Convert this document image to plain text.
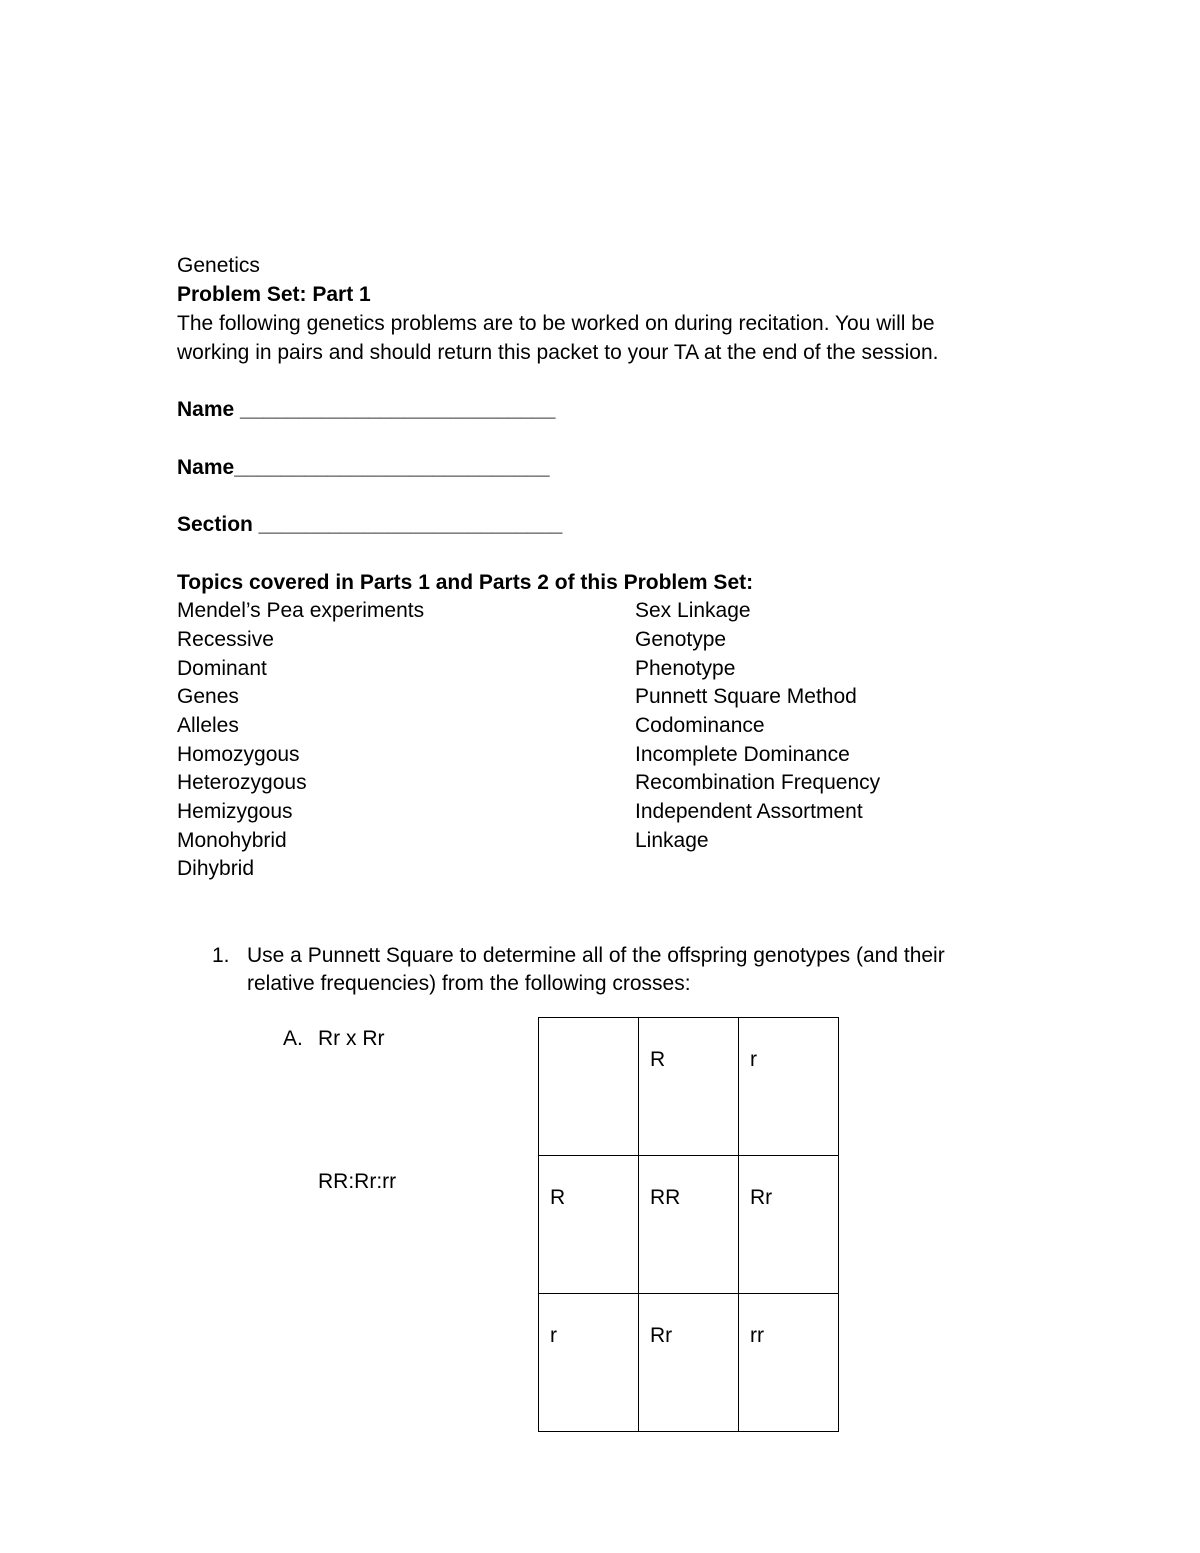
Genetics
Problem Set: Part 1
The following genetics problems are to be worked on during recitation. You will be
working in pairs and should return this packet to your TA at the end of the session.
Name ___________________________
Name___________________________
Section __________________________
Topics covered in Parts 1 and Parts 2 of this Problem Set:
Mendel’s Pea experiments
Recessive
Dominant
Genes
Alleles
Homozygous
Heterozygous
Hemizygous
Monohybrid
Dihybrid
Sex Linkage
Genotype
Phenotype
Punnett Square Method
Codominance
Incomplete Dominance
Recombination Frequency
Independent Assortment
Linkage
1. Use a Punnett Square to determine all of the offspring genotypes (and their
relative frequencies) from the following crosses:
A. Rr x Rr
RR:Rr:rr

	R	r

R	RR	Rr

r	Rr	rr
